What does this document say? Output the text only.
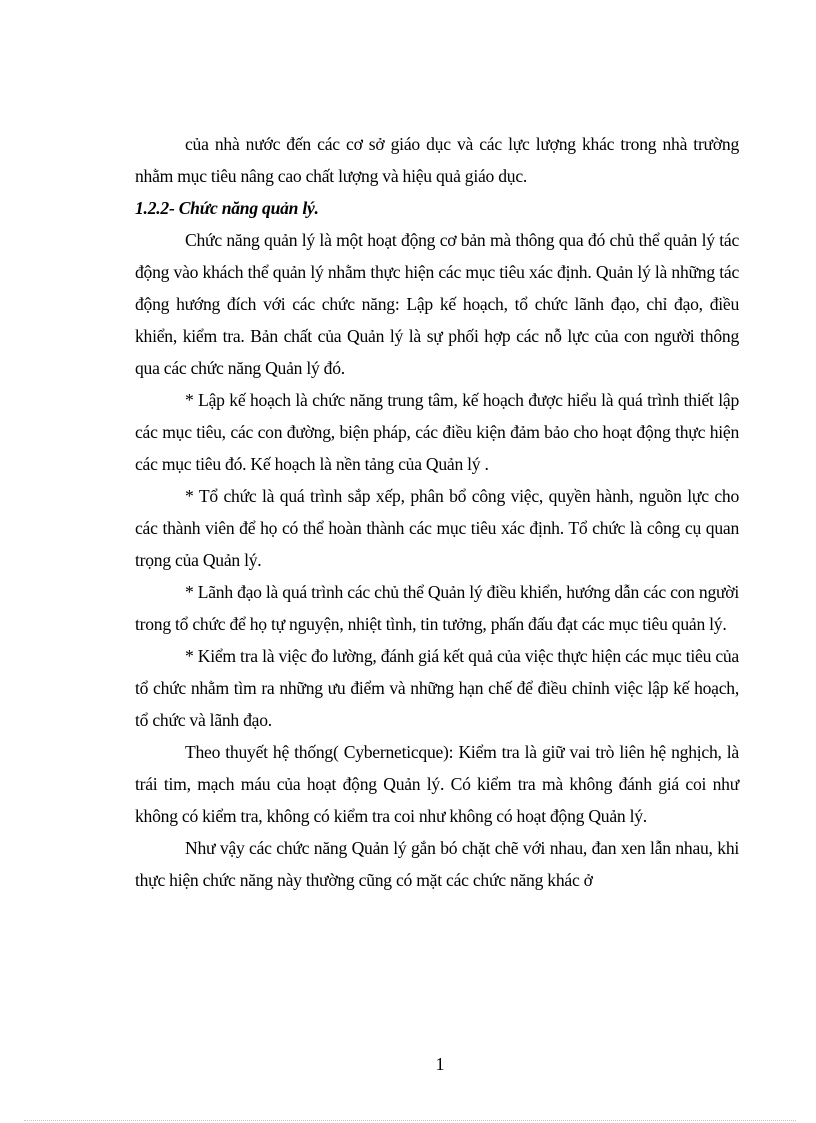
của nhà nước đến các cơ sở giáo dục và các lực lượng khác trong nhà trường nhằm mục tiêu nâng cao chất lượng và hiệu quả giáo dục.

1.2.2- Chức năng quản lý.

Chức năng quản lý là một hoạt động cơ bản mà thông qua đó chủ thể quản lý tác động vào khách thể quản lý nhằm thực hiện các mục tiêu xác định. Quản lý là những tác động hướng đích với các chức năng: Lập kế hoạch, tổ chức lãnh đạo, chỉ đạo, điều khiển, kiểm tra. Bản chất của Quản lý là sự phối hợp các nỗ lực của con người thông qua các chức năng Quản lý đó.

* Lập kế hoạch là chức năng trung tâm, kế hoạch được hiểu là quá trình thiết lập các mục tiêu, các con đường, biện pháp, các điều kiện đảm bảo cho hoạt động thực hiện các mục tiêu đó. Kế hoạch là nền tảng của Quản lý .

* Tổ chức là quá trình sắp xếp, phân bổ công việc, quyền hành, nguồn lực cho các thành viên để họ có thể hoàn thành các mục tiêu xác định. Tổ chức là công cụ quan trọng của Quản lý.

* Lãnh đạo là quá trình các chủ thể Quản lý điều khiển, hướng dẫn các con người trong tổ chức để họ tự nguyện, nhiệt tình, tin tưởng, phấn đấu đạt các mục tiêu quản lý.

* Kiểm tra là việc đo lường, đánh giá kết quả của việc thực hiện các mục tiêu của tổ chức nhằm tìm ra những ưu điểm và những hạn chế để điều chỉnh việc lập kế hoạch, tổ chức và lãnh đạo.

Theo thuyết hệ thống( Cyberneticque): Kiểm tra là giữ vai trò liên hệ nghịch, là trái tim, mạch máu của hoạt động Quản lý. Có kiểm tra mà không đánh giá coi như không có kiểm tra, không có kiểm tra coi như không có hoạt động Quản lý.

Như vậy các chức năng Quản lý gắn bó chặt chẽ với nhau, đan xen lẫn nhau, khi thực hiện chức năng này thường cũng có mặt các chức năng khác ở

1
